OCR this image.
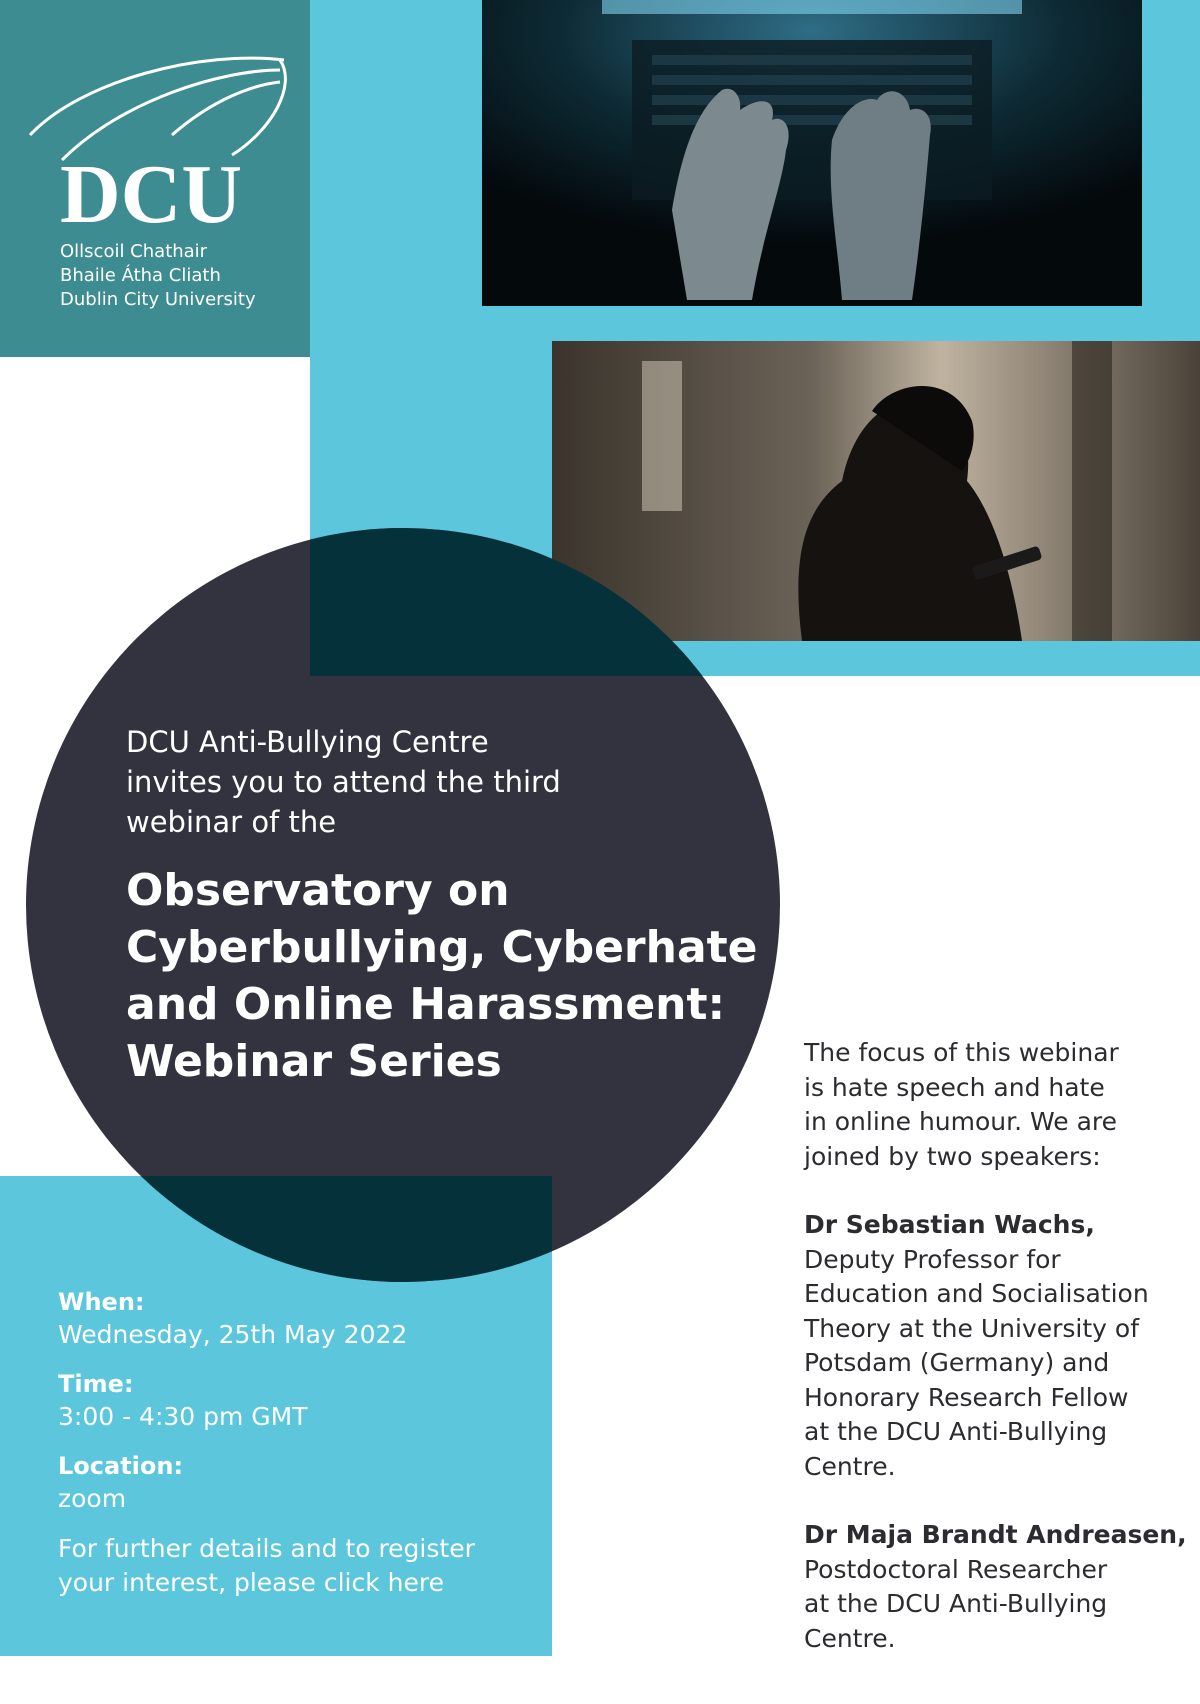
DCU
Ollscoil Chathair
Bhaile Átha Cliath
Dublin City University
DCU Anti-Bullying Centre
invites you to attend the third
webinar of the
Observatory on
Cyberbullying, Cyberhate
and Online Harassment:
Webinar Series
When:
Wednesday, 25th May 2022
Time:
3:00 - 4:30 pm GMT
Location:
zoom
For further details and to register
your interest, please click here
The focus of this webinar
is hate speech and hate
in online humour. We are
joined by two speakers:
Dr Sebastian Wachs,
Deputy Professor for
Education and Socialisation
Theory at the University of
Potsdam (Germany) and
Honorary Research Fellow
at the DCU Anti-Bullying
Centre.
Dr Maja Brandt Andreasen,
Postdoctoral Researcher
at the DCU Anti-Bullying
Centre.
